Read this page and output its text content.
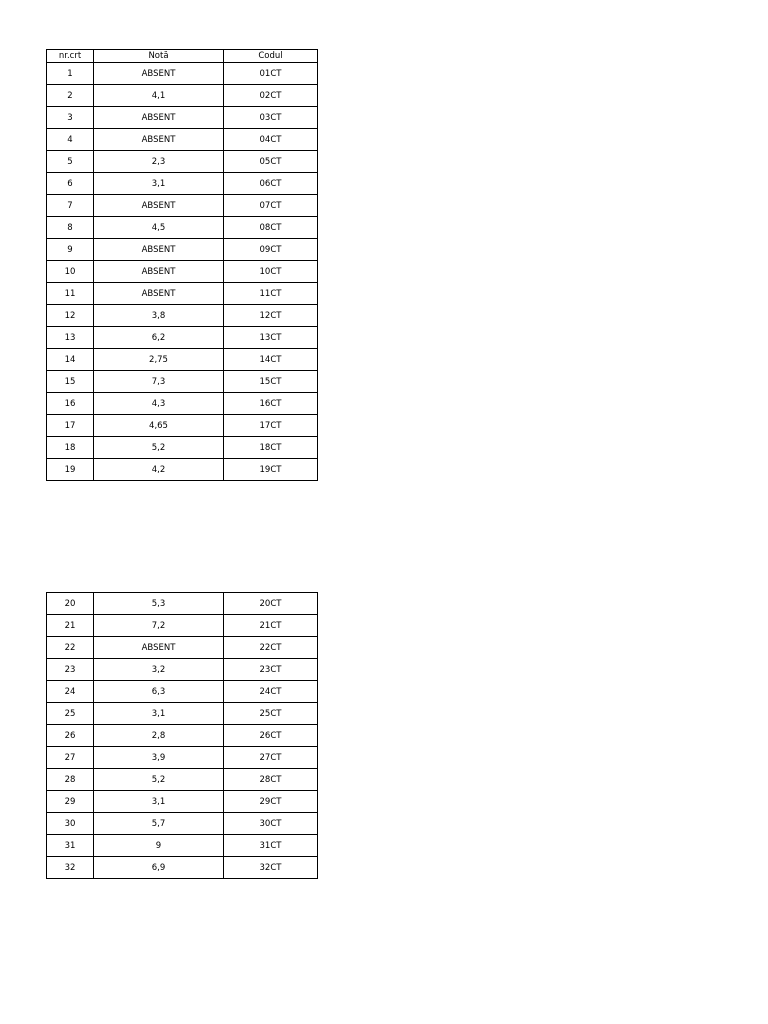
nr.crt	Notă	Codul
1	ABSENT	01CT
2	4,1	02CT
3	ABSENT	03CT
4	ABSENT	04CT
5	2,3	05CT
6	3,1	06CT
7	ABSENT	07CT
8	4,5	08CT
9	ABSENT	09CT
10	ABSENT	10CT
11	ABSENT	11CT
12	3,8	12CT
13	6,2	13CT
14	2,75	14CT
15	7,3	15CT
16	4,3	16CT
17	4,65	17CT
18	5,2	18CT
19	4,2	19CT
20	5,3	20CT
21	7,2	21CT
22	ABSENT	22CT
23	3,2	23CT
24	6,3	24CT
25	3,1	25CT
26	2,8	26CT
27	3,9	27CT
28	5,2	28CT
29	3,1	29CT
30	5,7	30CT
31	9	31CT
32	6,9	32CT
